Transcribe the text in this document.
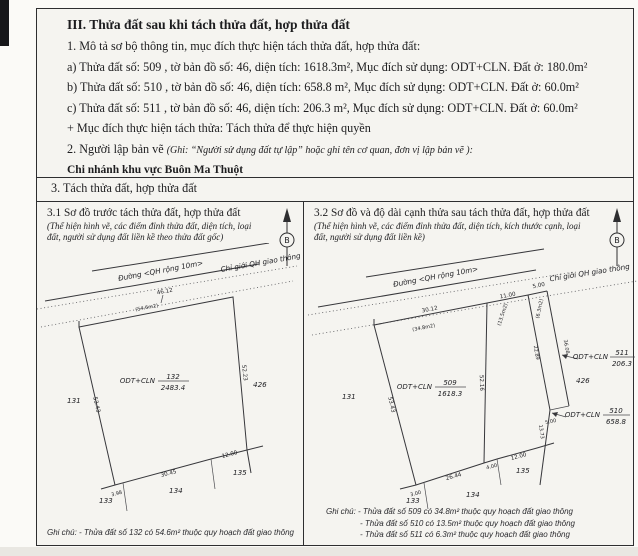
III. Thửa đất sau khi tách thửa đất, hợp thửa đất

1. Mô tả sơ bộ thông tin, mục đích thực hiện tách thửa đất, hợp thửa đất:

a) Thửa đất số: 509 , tờ bản đồ số: 46, diện tích: 1618.3m², Mục đích sử dụng: ODT+CLN. Đất ở: 180.0m²

b) Thửa đất số: 510 , tờ bản đồ số: 46, diện tích: 658.8 m², Mục đích sử dụng: ODT+CLN. Đất ở: 60.0m²

c) Thửa đất số: 511 , tờ bản đồ số: 46, diện tích: 206.3 m², Mục đích sử dụng: ODT+CLN. Đất ở: 60.0m²

+ Mục đích thực hiện tách thửa: Tách thửa để thực hiện quyền

2. Người lập bản vẽ (Ghi: “Người sử dụng đất tự lập” hoặc ghi tên cơ quan, đơn vị lập bản vẽ ):

Chi nhánh khu vực Buôn Ma Thuột

3. Tách thửa đất, hợp thửa đất

3.1 Sơ đồ trước tách thửa đất, hợp thửa đất

(Thể hiện hình vẽ, các điểm đỉnh thửa đất, diện tích, loại đất, người sử dụng đất liền kề theo thửa đất gốc)	B
Đường <QH rộng 10m> Chỉ giới QH giao thông
46.12
(54.6m2)
53.43
52.23
3.98
30.45
12.00
ODT+CLN 132
2483.4
131
426
133
134
135
Ghi chú: - Thửa đất số 132 có 54.6m² thuộc quy hoạch đất giao thông

3.2 Sơ đồ và độ dài cạnh thửa sau tách thửa đất, hợp thửa đất

(Thể hiện hình vẽ, các điểm đỉnh thửa đất, diện tích, kích thước cạnh, loại đất, người sử dụng đất liền kề)	B
Đường <QH rộng 10m>	Chỉ giới QH giao thông
30.12
11.00
5.00
(34.8m2)
(13.5m2)	(6.3m2)
53.43
52.16
22.89	36.08
5.00
13.73
3.00
26.44
4.00
12.00
ODT+CLN 509
1618.3
ODT+CLN 511
206.3
ODT+CLN 510
658.8
131
426
133
134
135
Ghi chú: - Thửa đất số 509 có 34.8m² thuộc quy hoạch đất giao thông
- Thửa đất số 510 có 13.5m² thuộc quy hoạch đất giao thông
- Thửa đất số 511 có 6.3m² thuộc quy hoạch đất giao thông
